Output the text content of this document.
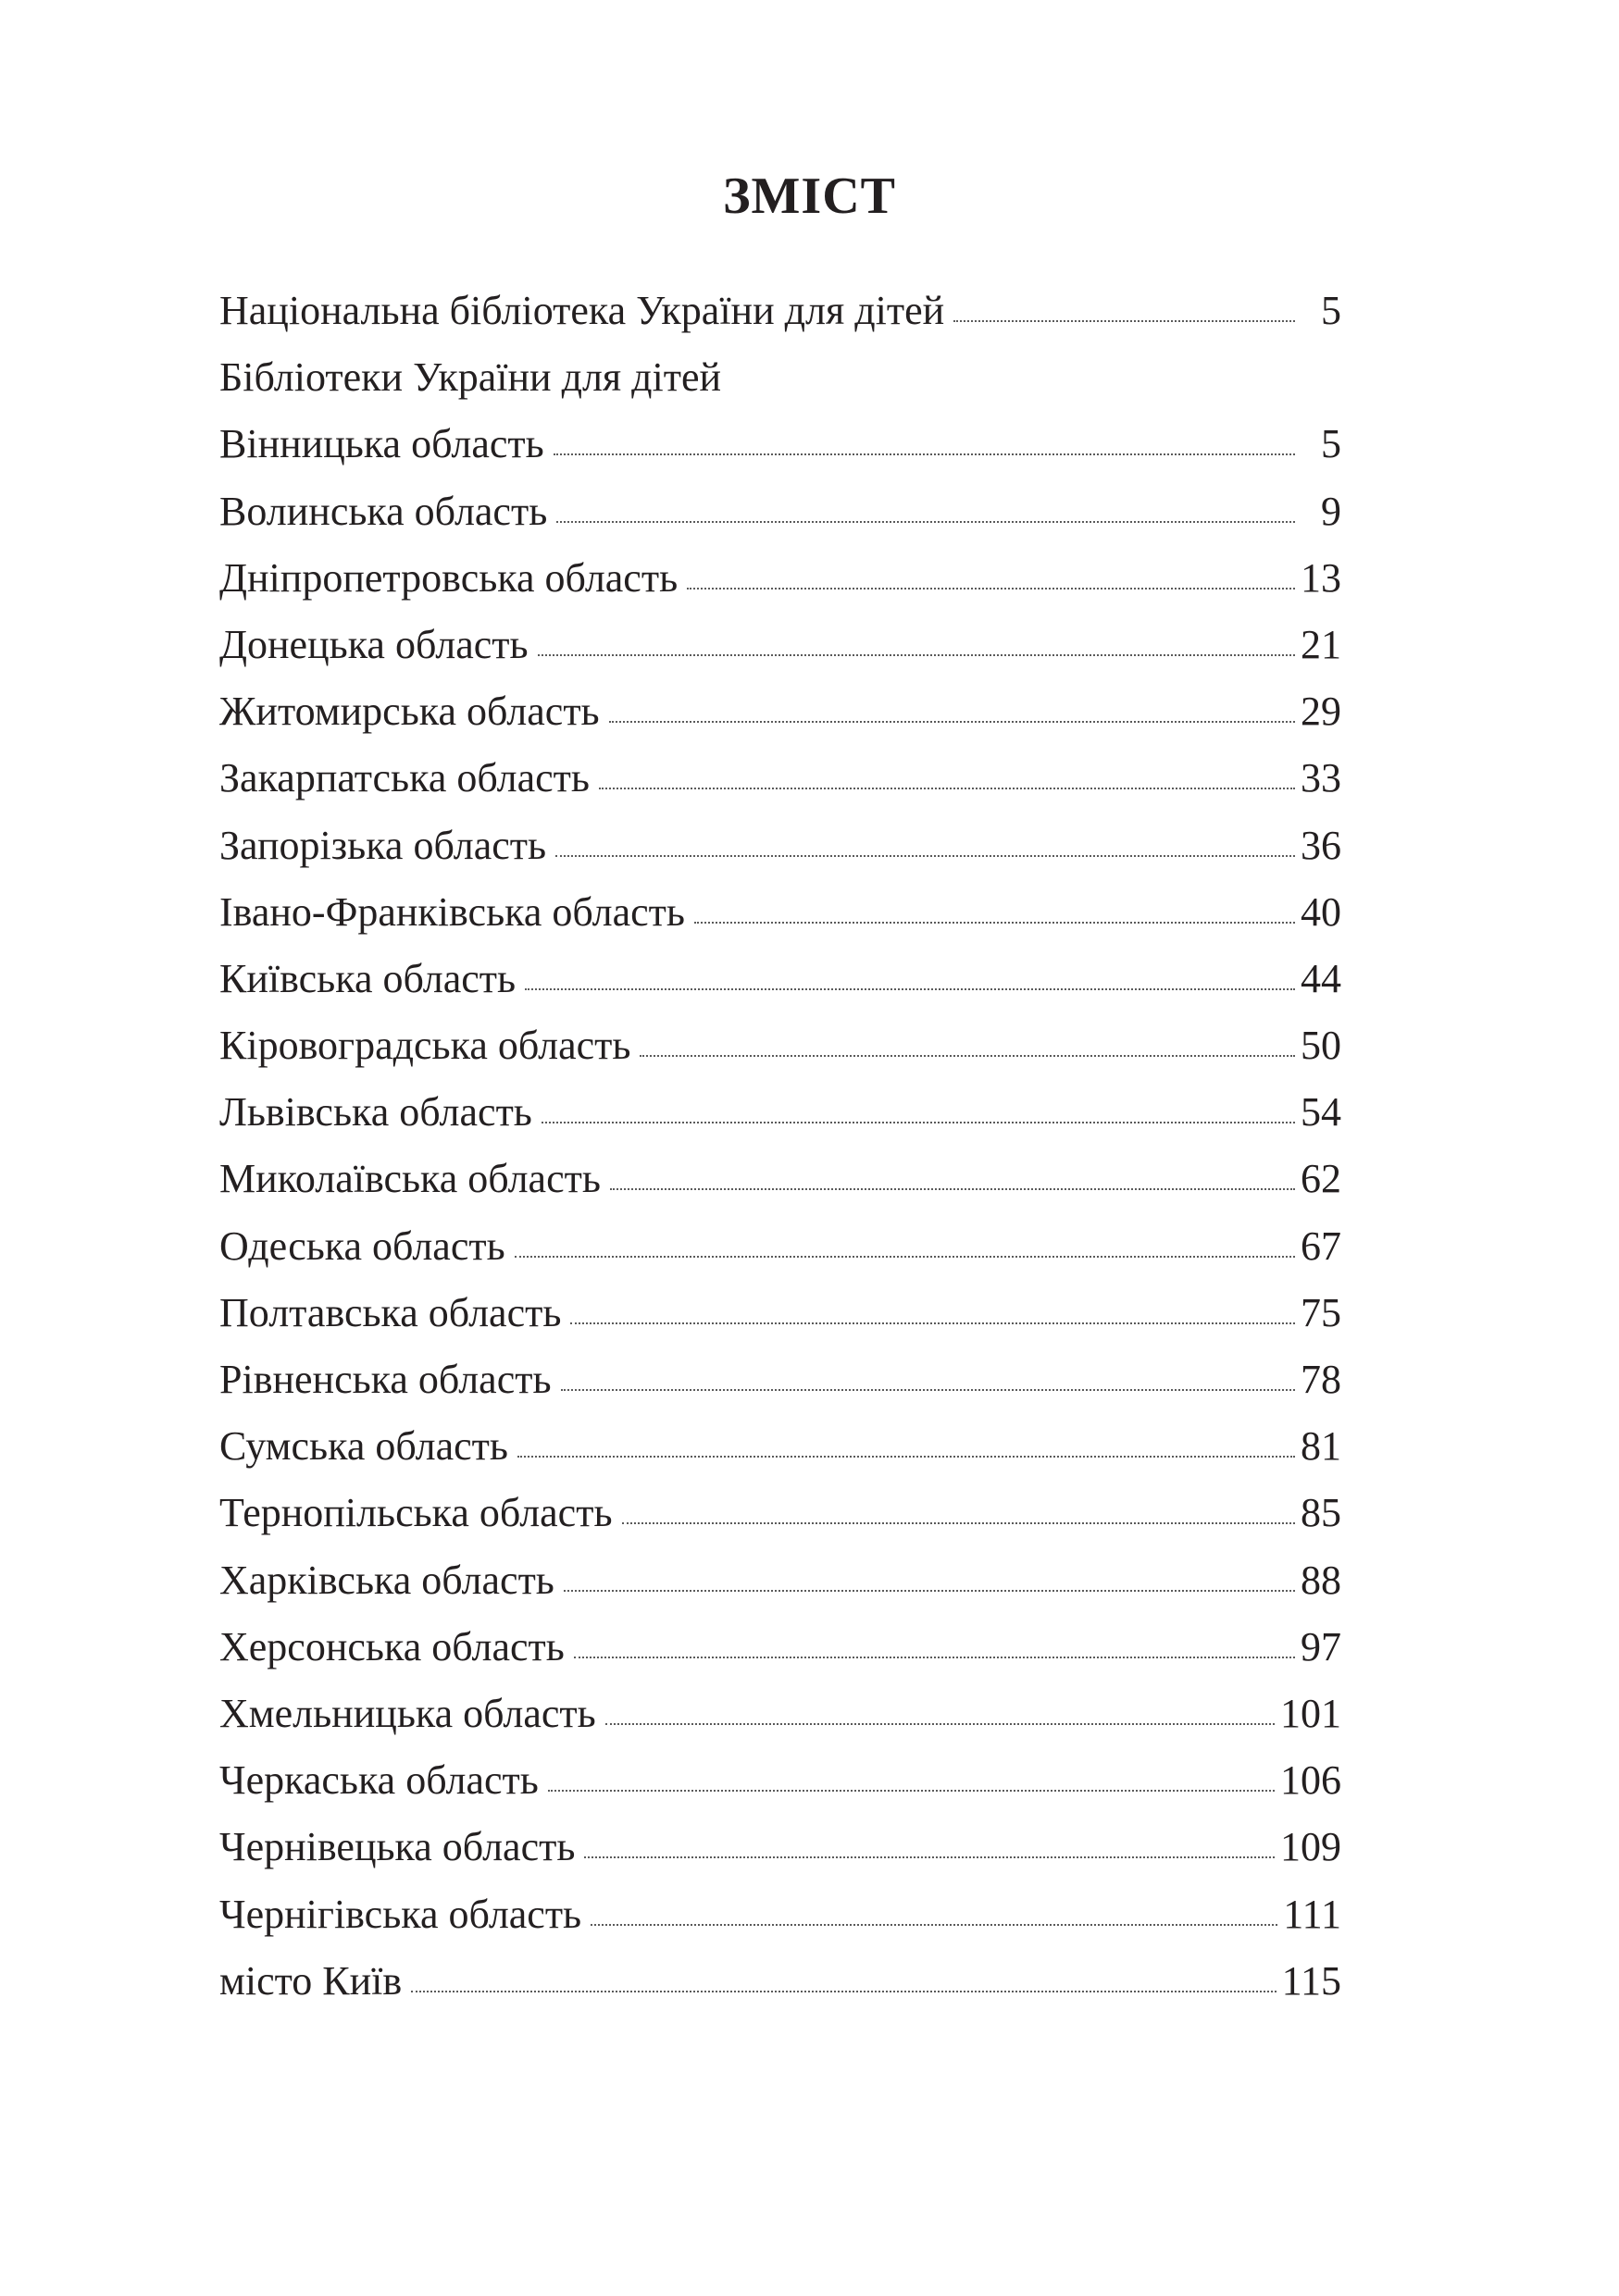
ЗМІСТ
Національна бібліотека України для дітей	5
Бібліотеки України для дітей
Вінницька область	5
Волинська область	9
Дніпропетровська область	13
Донецька область	21
Житомирська область	29
Закарпатська область	33
Запорізька область	36
Івано-Франківська область	40
Київська область	44
Кіровоградська область	50
Львівська область	54
Миколаївська область	62
Одеська область	67
Полтавська область	75
Рівненська область	78
Сумська область	81
Тернопільська область	85
Харківська область	88
Херсонська область	97
Хмельницька область	101
Черкаська область	106
Чернівецька область	109
Чернігівська область	111
місто Київ	115
